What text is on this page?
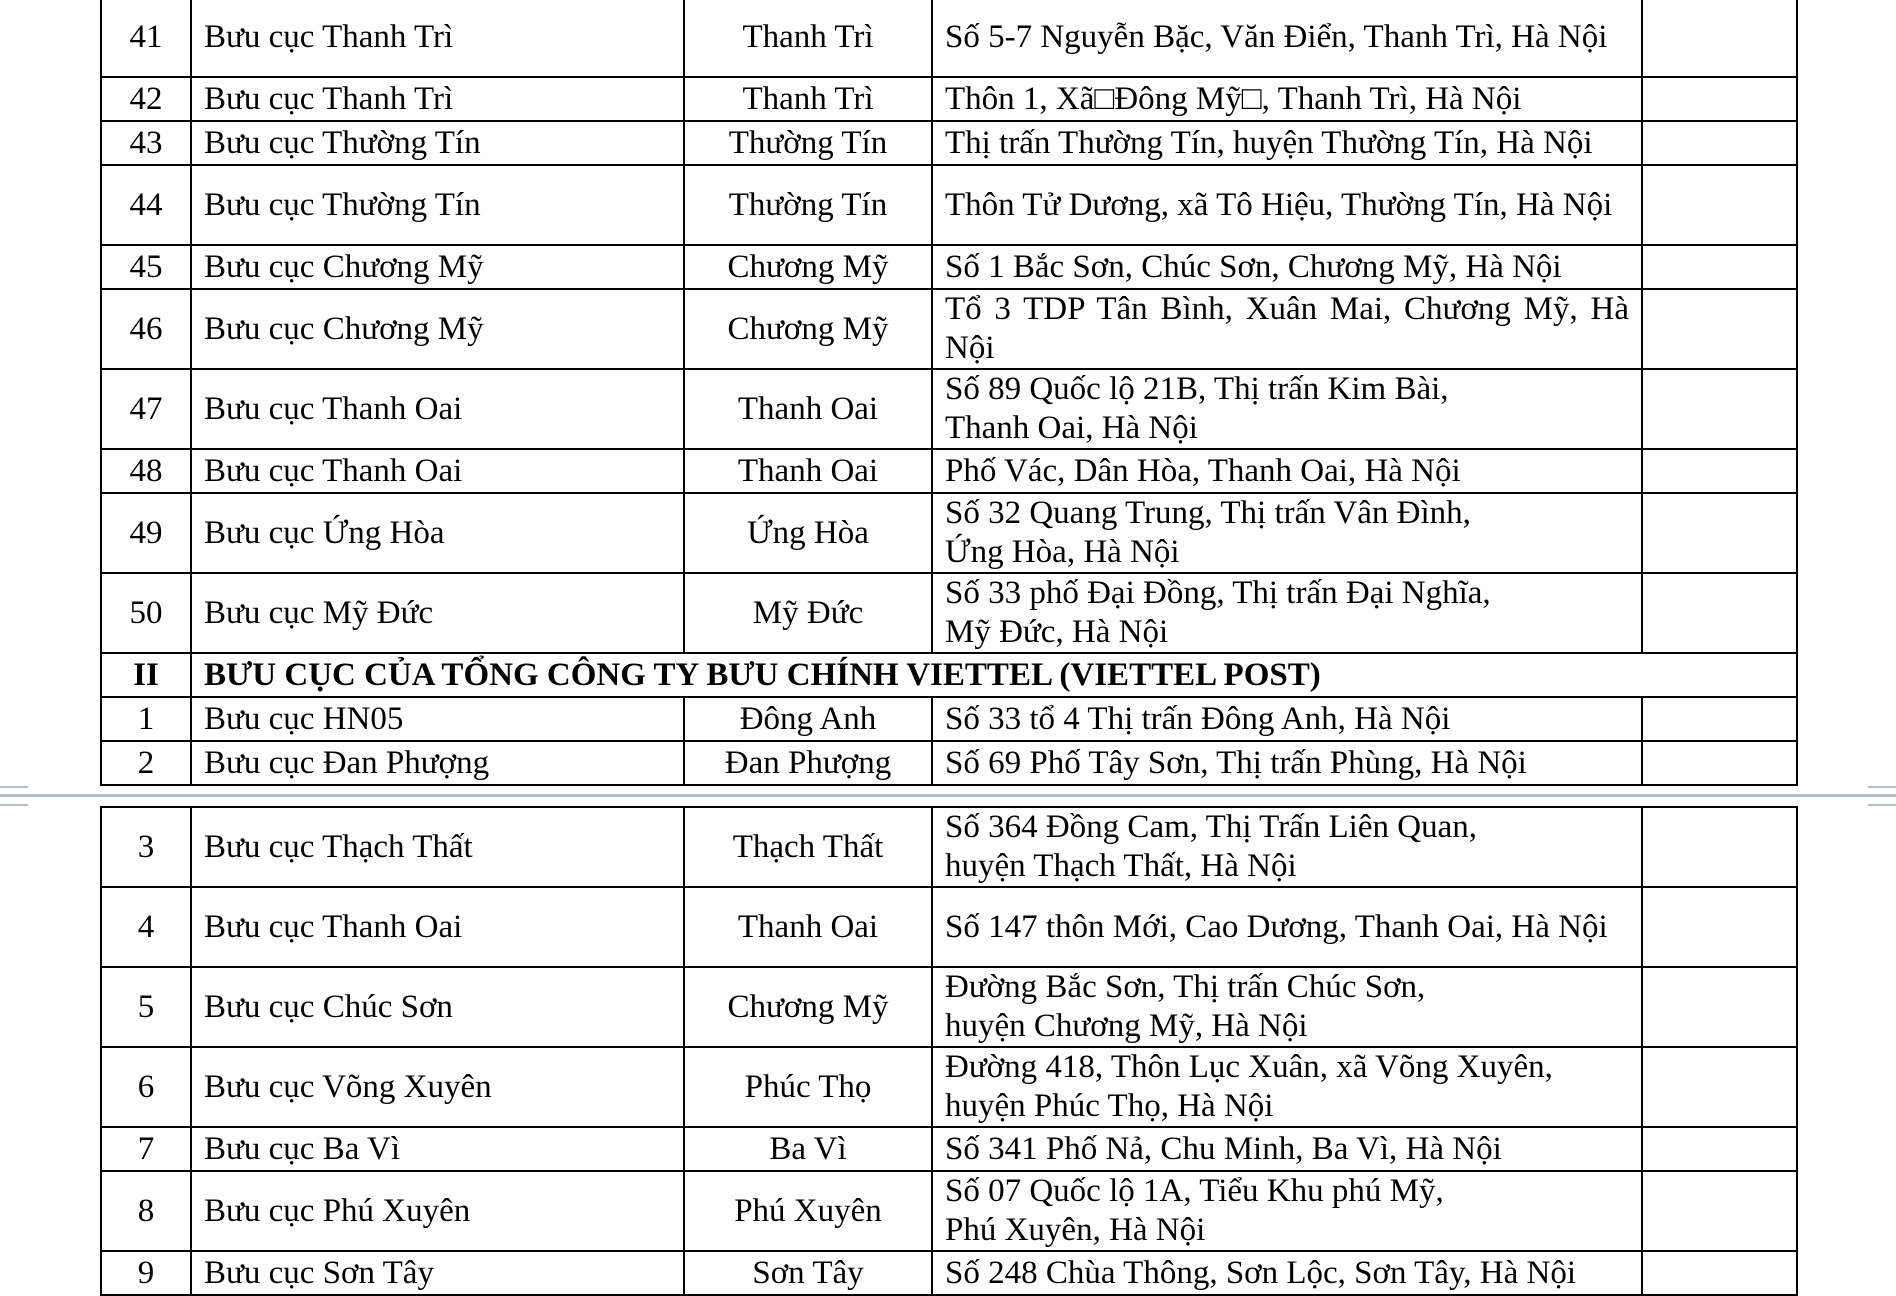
41	Bưu cục Thanh Trì	Thanh Trì	Số 5-7 Nguyễn Bặc, Văn Điển, Thanh Trì, Hà Nội	
42	Bưu cục Thanh Trì	Thanh Trì	Thôn 1, Xã□Đông Mỹ□, Thanh Trì, Hà Nội	
43	Bưu cục Thường Tín	Thường Tín	Thị trấn Thường Tín, huyện Thường Tín, Hà Nội	
44	Bưu cục Thường Tín	Thường Tín	Thôn Tử Dương, xã Tô Hiệu, Thường Tín, Hà Nội	
45	Bưu cục Chương Mỹ	Chương Mỹ	Số 1 Bắc Sơn, Chúc Sơn, Chương Mỹ, Hà Nội	
46	Bưu cục Chương Mỹ	Chương Mỹ	Tổ 3 TDP Tân Bình, Xuân Mai, Chương Mỹ, Hà Nội	
47	Bưu cục Thanh Oai	Thanh Oai	Số 89 Quốc lộ 21B, Thị trấn Kim Bài,
Thanh Oai, Hà Nội	
48	Bưu cục Thanh Oai	Thanh Oai	Phố Vác, Dân Hòa, Thanh Oai, Hà Nội	
49	Bưu cục Ứng Hòa	Ứng Hòa	Số 32 Quang Trung, Thị trấn Vân Đình,
Ứng Hòa, Hà Nội	
50	Bưu cục Mỹ Đức	Mỹ Đức	Số 33 phố Đại Đồng, Thị trấn Đại Nghĩa,
Mỹ Đức, Hà Nội	
II	BƯU CỤC CỦA TỔNG CÔNG TY BƯU CHÍNH VIETTEL (VIETTEL POST)			
1	Bưu cục HN05	Đông Anh	Số 33 tổ 4 Thị trấn Đông Anh, Hà Nội	
2	Bưu cục Đan Phượng	Đan Phượng	Số 69 Phố Tây Sơn, Thị trấn Phùng, Hà Nội	
3	Bưu cục Thạch Thất	Thạch Thất	Số 364 Đồng Cam, Thị Trấn Liên Quan,
huyện Thạch Thất, Hà Nội	
4	Bưu cục Thanh Oai	Thanh Oai	Số 147 thôn Mới, Cao Dương, Thanh Oai, Hà Nội	
5	Bưu cục Chúc Sơn	Chương Mỹ	Đường Bắc Sơn, Thị trấn Chúc Sơn,
huyện Chương Mỹ, Hà Nội	
6	Bưu cục Võng Xuyên	Phúc Thọ	Đường 418, Thôn Lục Xuân, xã Võng Xuyên,
huyện Phúc Thọ, Hà Nội	
7	Bưu cục Ba Vì	Ba Vì	Số 341 Phố Nả, Chu Minh, Ba Vì, Hà Nội	
8	Bưu cục Phú Xuyên	Phú Xuyên	Số 07 Quốc lộ 1A, Tiểu Khu phú Mỹ,
Phú Xuyên, Hà Nội	
9	Bưu cục Sơn Tây	Sơn Tây	Số 248 Chùa Thông, Sơn Lộc, Sơn Tây, Hà Nội	
